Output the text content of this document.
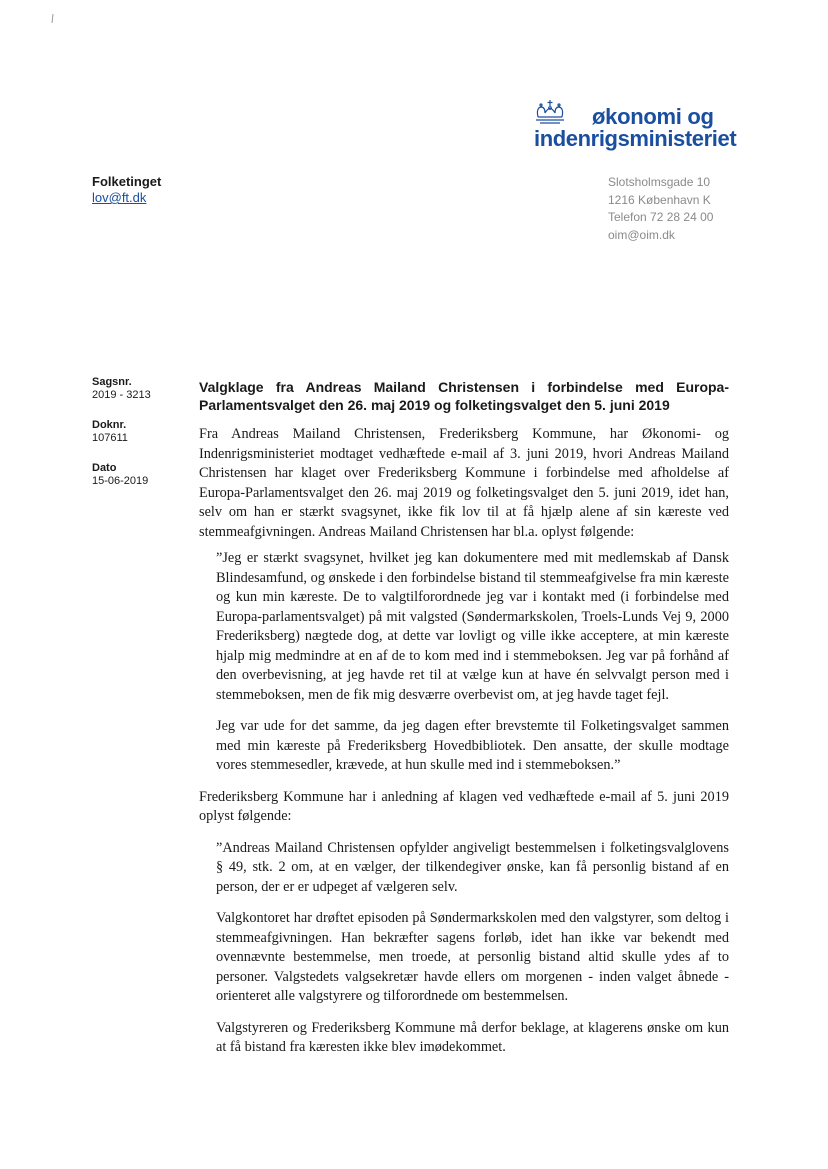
økonomi og
indenrigsministeriet
Folketinget
lov@ft.dk
Slotsholmsgade 10
1216 København K
Telefon 72 28 24 00
oim@oim.dk
Sagsnr.
2019 - 3213
Doknr.
107611
Dato
15-06-2019
Valgklage fra Andreas Mailand Christensen i forbindelse med Europa-Parlamentsvalget den 26. maj 2019 og folketingsvalget den 5. juni 2019

Fra Andreas Mailand Christensen, Frederiksberg Kommune, har Økonomi- og Indenrigsministeriet modtaget vedhæftede e-mail af 3. juni 2019, hvori Andreas Mailand Christensen har klaget over Frederiksberg Kommune i forbindelse med afholdelse af Europa-Parlamentsvalget den 26. maj 2019 og folketingsvalget den 5. juni 2019, idet han, selv om han er stærkt svagsynet, ikke fik lov til at få hjælp alene af sin kæreste ved stemmeafgivningen. Andreas Mailand Christensen har bl.a. oplyst følgende:

”Jeg er stærkt svagsynet, hvilket jeg kan dokumentere med mit medlemskab af Dansk Blindesamfund, og ønskede i den forbindelse bistand til stemmeafgivelse fra min kæreste og kun min kæreste. De to valgtilforordnede jeg var i kontakt med (i forbindelse med Europa-parlamentsvalget) på mit valgsted (Søndermarkskolen, Troels-Lunds Vej 9, 2000 Frederiksberg) nægtede dog, at dette var lovligt og ville ikke acceptere, at min kæreste hjalp mig medmindre at en af de to kom med ind i stemmeboksen. Jeg var på forhånd af den overbevisning, at jeg havde ret til at vælge kun at have én selvvalgt person med i stemmeboksen, men de fik mig desværre overbevist om, at jeg havde taget fejl.

Jeg var ude for det samme, da jeg dagen efter brevstemte til Folketingsvalget sammen med min kæreste på Frederiksberg Hovedbibliotek. Den ansatte, der skulle modtage vores stemmesedler, krævede, at hun skulle med ind i stemmeboksen.”

Frederiksberg Kommune har i anledning af klagen ved vedhæftede e-mail af 5. juni 2019 oplyst følgende:

”Andreas Mailand Christensen opfylder angiveligt bestemmelsen i folketingsvalglovens § 49, stk. 2 om, at en vælger, der tilkendegiver ønske, kan få personlig bistand af en person, der er er udpeget af vælgeren selv.

Valgkontoret har drøftet episoden på Søndermarkskolen med den valgstyrer, som deltog i stemmeafgivningen. Han bekræfter sagens forløb, idet han ikke var bekendt med ovennævnte bestemmelse, men troede, at personlig bistand altid skulle ydes af to personer. Valgstedets valgsekretær havde ellers om morgenen - inden valget åbnede - orienteret alle valgstyrere og tilforordnede om bestemmelsen.

Valgstyreren og Frederiksberg Kommune må derfor beklage, at klagerens ønske om kun at få bistand fra kæresten ikke blev imødekommet.
